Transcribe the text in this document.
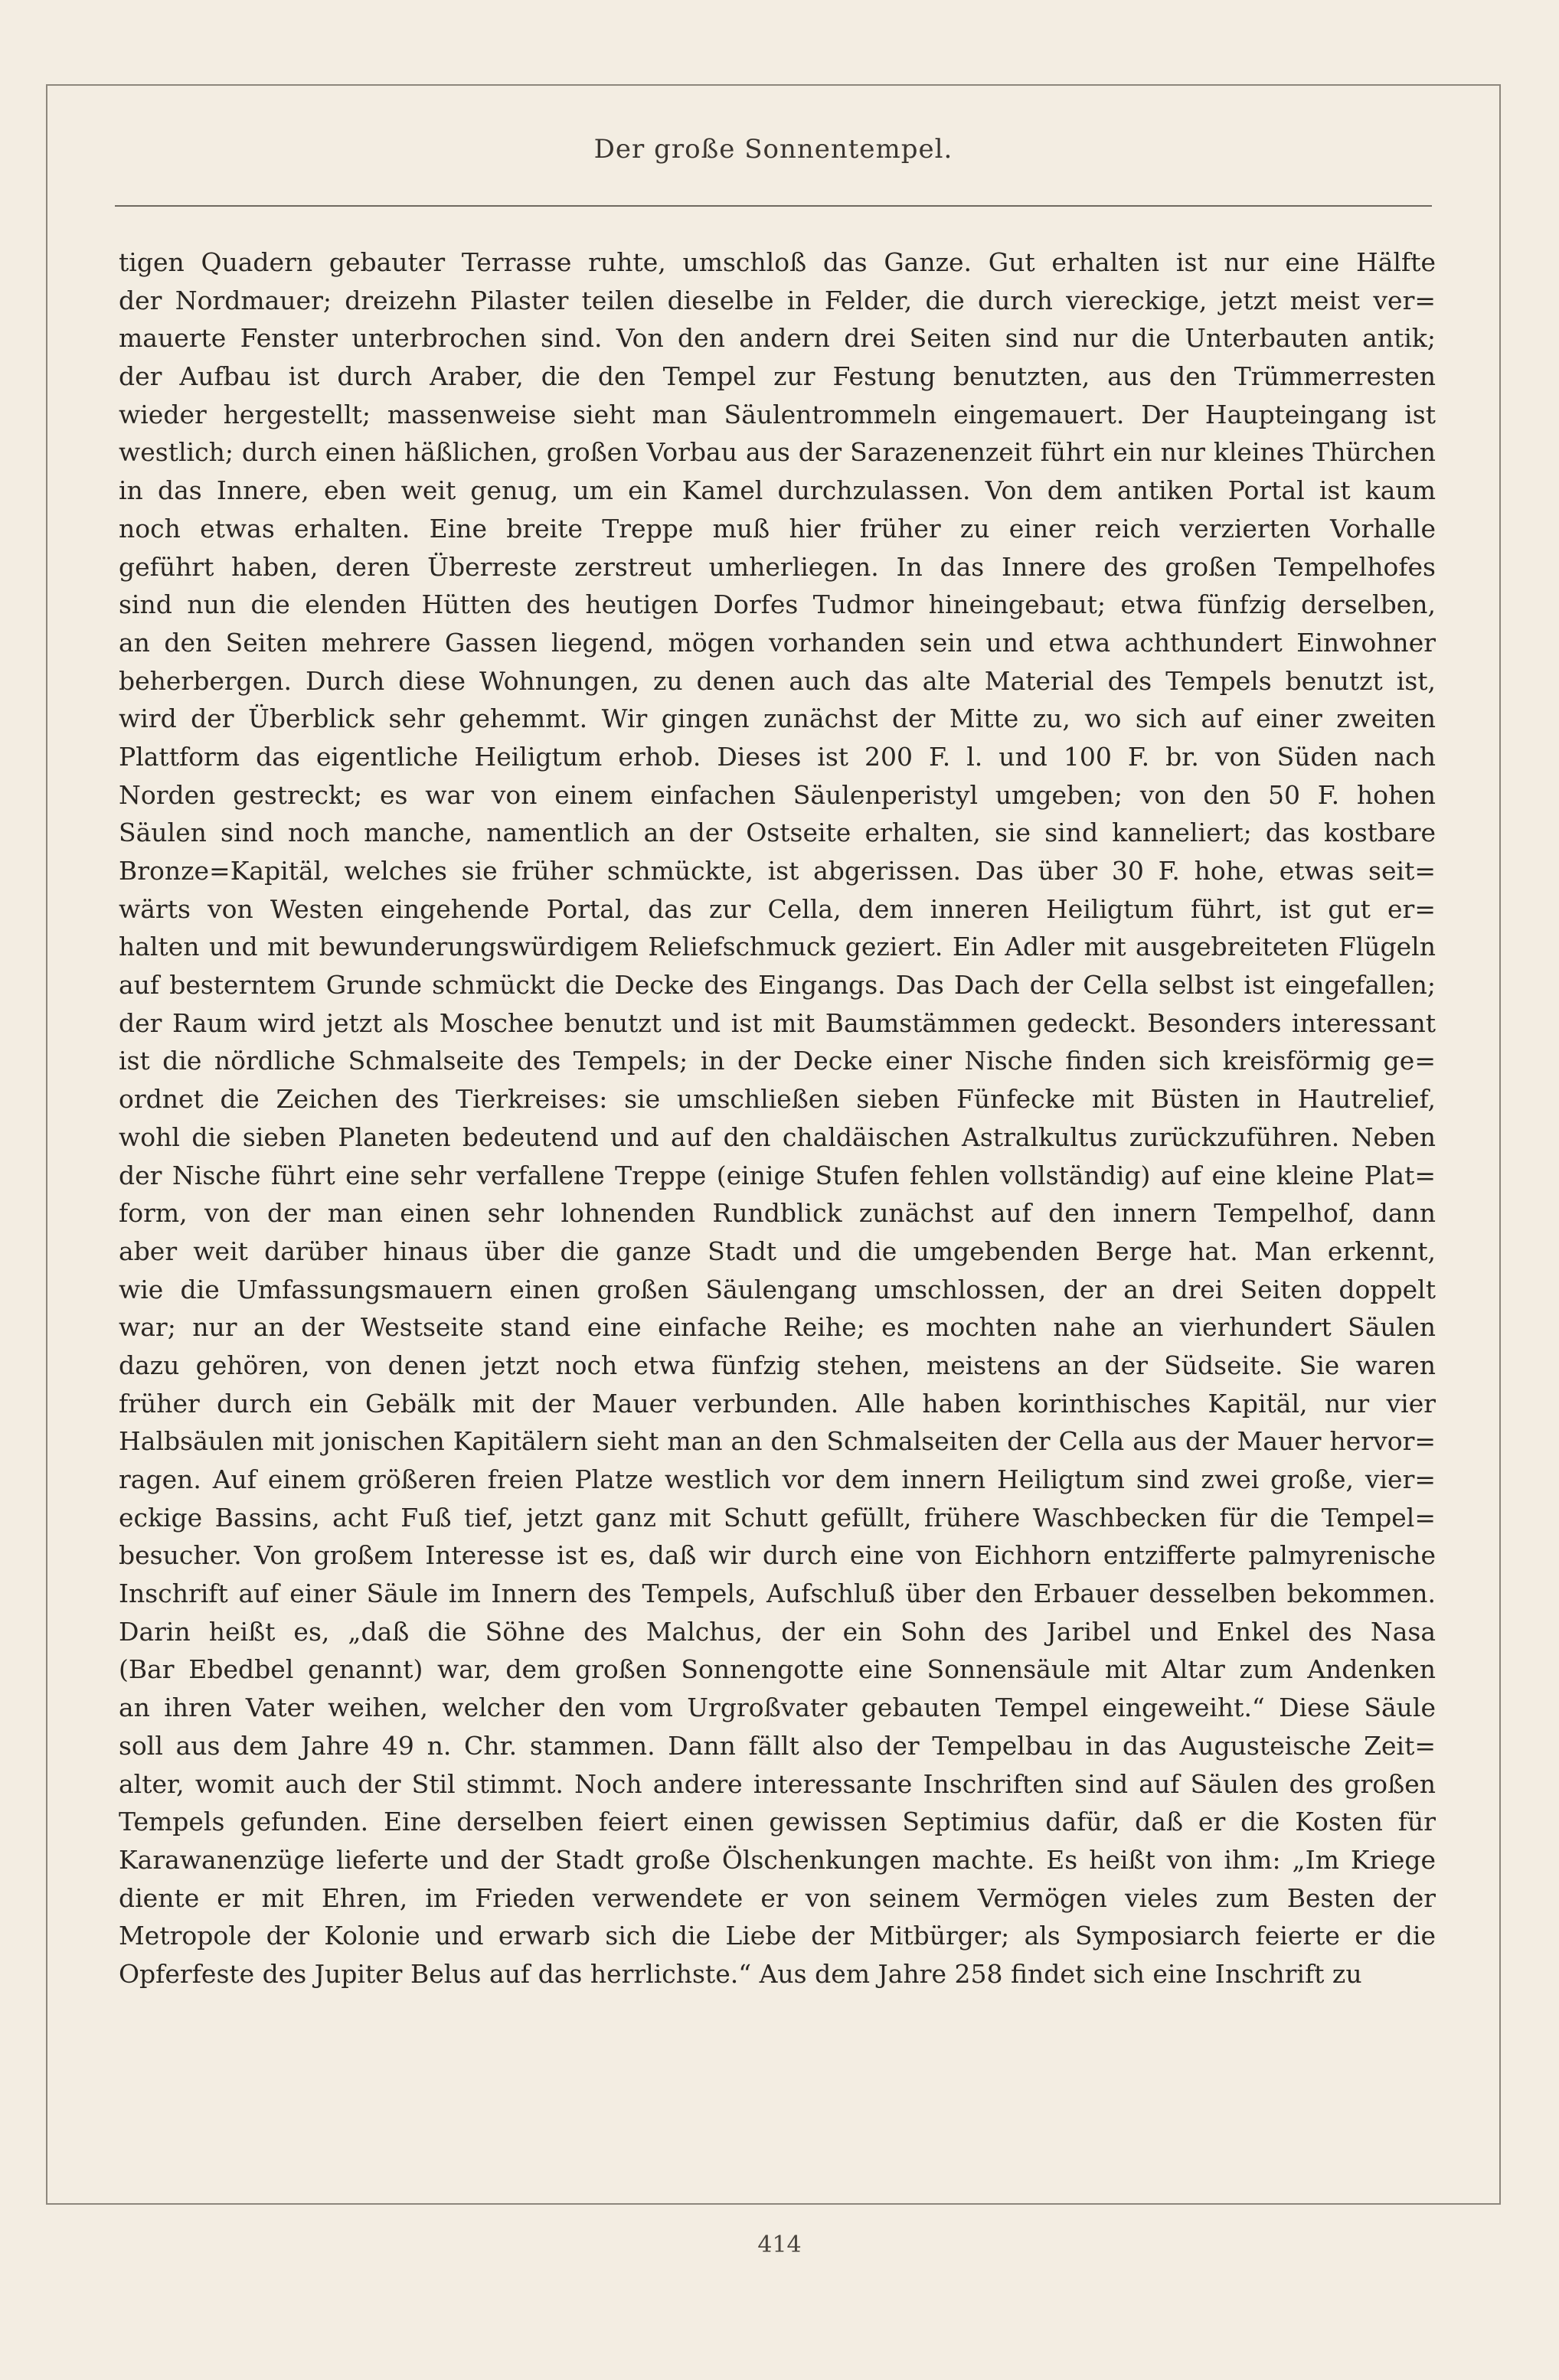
Der große Sonnentempel.
tigen Quadern gebauter Terrasse ruhte, umschloß das Ganze. Gut erhalten ist nur eine Hälfte
der Nordmauer; dreizehn Pilaster teilen dieselbe in Felder, die durch viereckige, jetzt meist ver=
mauerte Fenster unterbrochen sind. Von den andern drei Seiten sind nur die Unterbauten antik;
der Aufbau ist durch Araber, die den Tempel zur Festung benutzten, aus den Trümmerresten
wieder hergestellt; massenweise sieht man Säulentrommeln eingemauert. Der Haupteingang ist
westlich; durch einen häßlichen, großen Vorbau aus der Sarazenenzeit führt ein nur kleines Thürchen
in das Innere, eben weit genug, um ein Kamel durchzulassen. Von dem antiken Portal ist kaum
noch etwas erhalten. Eine breite Treppe muß hier früher zu einer reich verzierten Vorhalle
geführt haben, deren Überreste zerstreut umherliegen. In das Innere des großen Tempelhofes
sind nun die elenden Hütten des heutigen Dorfes Tudmor hineingebaut; etwa fünfzig derselben,
an den Seiten mehrere Gassen liegend, mögen vorhanden sein und etwa achthundert Einwohner
beherbergen. Durch diese Wohnungen, zu denen auch das alte Material des Tempels benutzt ist,
wird der Überblick sehr gehemmt. Wir gingen zunächst der Mitte zu, wo sich auf einer zweiten
Plattform das eigentliche Heiligtum erhob. Dieses ist 200 F. l. und 100 F. br. von Süden nach
Norden gestreckt; es war von einem einfachen Säulenperistyl umgeben; von den 50 F. hohen
Säulen sind noch manche, namentlich an der Ostseite erhalten, sie sind kanneliert; das kostbare
Bronze=Kapitäl, welches sie früher schmückte, ist abgerissen. Das über 30 F. hohe, etwas seit=
wärts von Westen eingehende Portal, das zur Cella, dem inneren Heiligtum führt, ist gut er=
halten und mit bewunderungswürdigem Reliefschmuck geziert. Ein Adler mit ausgebreiteten Flügeln
auf besterntem Grunde schmückt die Decke des Eingangs. Das Dach der Cella selbst ist eingefallen;
der Raum wird jetzt als Moschee benutzt und ist mit Baumstämmen gedeckt. Besonders interessant
ist die nördliche Schmalseite des Tempels; in der Decke einer Nische finden sich kreisförmig ge=
ordnet die Zeichen des Tierkreises: sie umschließen sieben Fünfecke mit Büsten in Hautrelief,
wohl die sieben Planeten bedeutend und auf den chaldäischen Astralkultus zurückzuführen. Neben
der Nische führt eine sehr verfallene Treppe (einige Stufen fehlen vollständig) auf eine kleine Plat=
form, von der man einen sehr lohnenden Rundblick zunächst auf den innern Tempelhof, dann
aber weit darüber hinaus über die ganze Stadt und die umgebenden Berge hat. Man erkennt,
wie die Umfassungsmauern einen großen Säulengang umschlossen, der an drei Seiten doppelt
war; nur an der Westseite stand eine einfache Reihe; es mochten nahe an vierhundert Säulen
dazu gehören, von denen jetzt noch etwa fünfzig stehen, meistens an der Südseite. Sie waren
früher durch ein Gebälk mit der Mauer verbunden. Alle haben korinthisches Kapitäl, nur vier
Halbsäulen mit jonischen Kapitälern sieht man an den Schmalseiten der Cella aus der Mauer hervor=
ragen. Auf einem größeren freien Platze westlich vor dem innern Heiligtum sind zwei große, vier=
eckige Bassins, acht Fuß tief, jetzt ganz mit Schutt gefüllt, frühere Waschbecken für die Tempel=
besucher. Von großem Interesse ist es, daß wir durch eine von Eichhorn entzifferte palmyrenische
Inschrift auf einer Säule im Innern des Tempels, Aufschluß über den Erbauer desselben bekommen.
Darin heißt es, „daß die Söhne des Malchus, der ein Sohn des Jaribel und Enkel des Nasa
(Bar Ebedbel genannt) war, dem großen Sonnengotte eine Sonnensäule mit Altar zum Andenken
an ihren Vater weihen, welcher den vom Urgroßvater gebauten Tempel eingeweiht.“ Diese Säule
soll aus dem Jahre 49 n. Chr. stammen. Dann fällt also der Tempelbau in das Augusteische Zeit=
alter, womit auch der Stil stimmt. Noch andere interessante Inschriften sind auf Säulen des großen
Tempels gefunden. Eine derselben feiert einen gewissen Septimius dafür, daß er die Kosten für
Karawanenzüge lieferte und der Stadt große Ölschenkungen machte. Es heißt von ihm: „Im Kriege
diente er mit Ehren, im Frieden verwendete er von seinem Vermögen vieles zum Besten der
Metropole der Kolonie und erwarb sich die Liebe der Mitbürger; als Symposiarch feierte er die
Opferfeste des Jupiter Belus auf das herrlichste.“ Aus dem Jahre 258 findet sich eine Inschrift zu
414
